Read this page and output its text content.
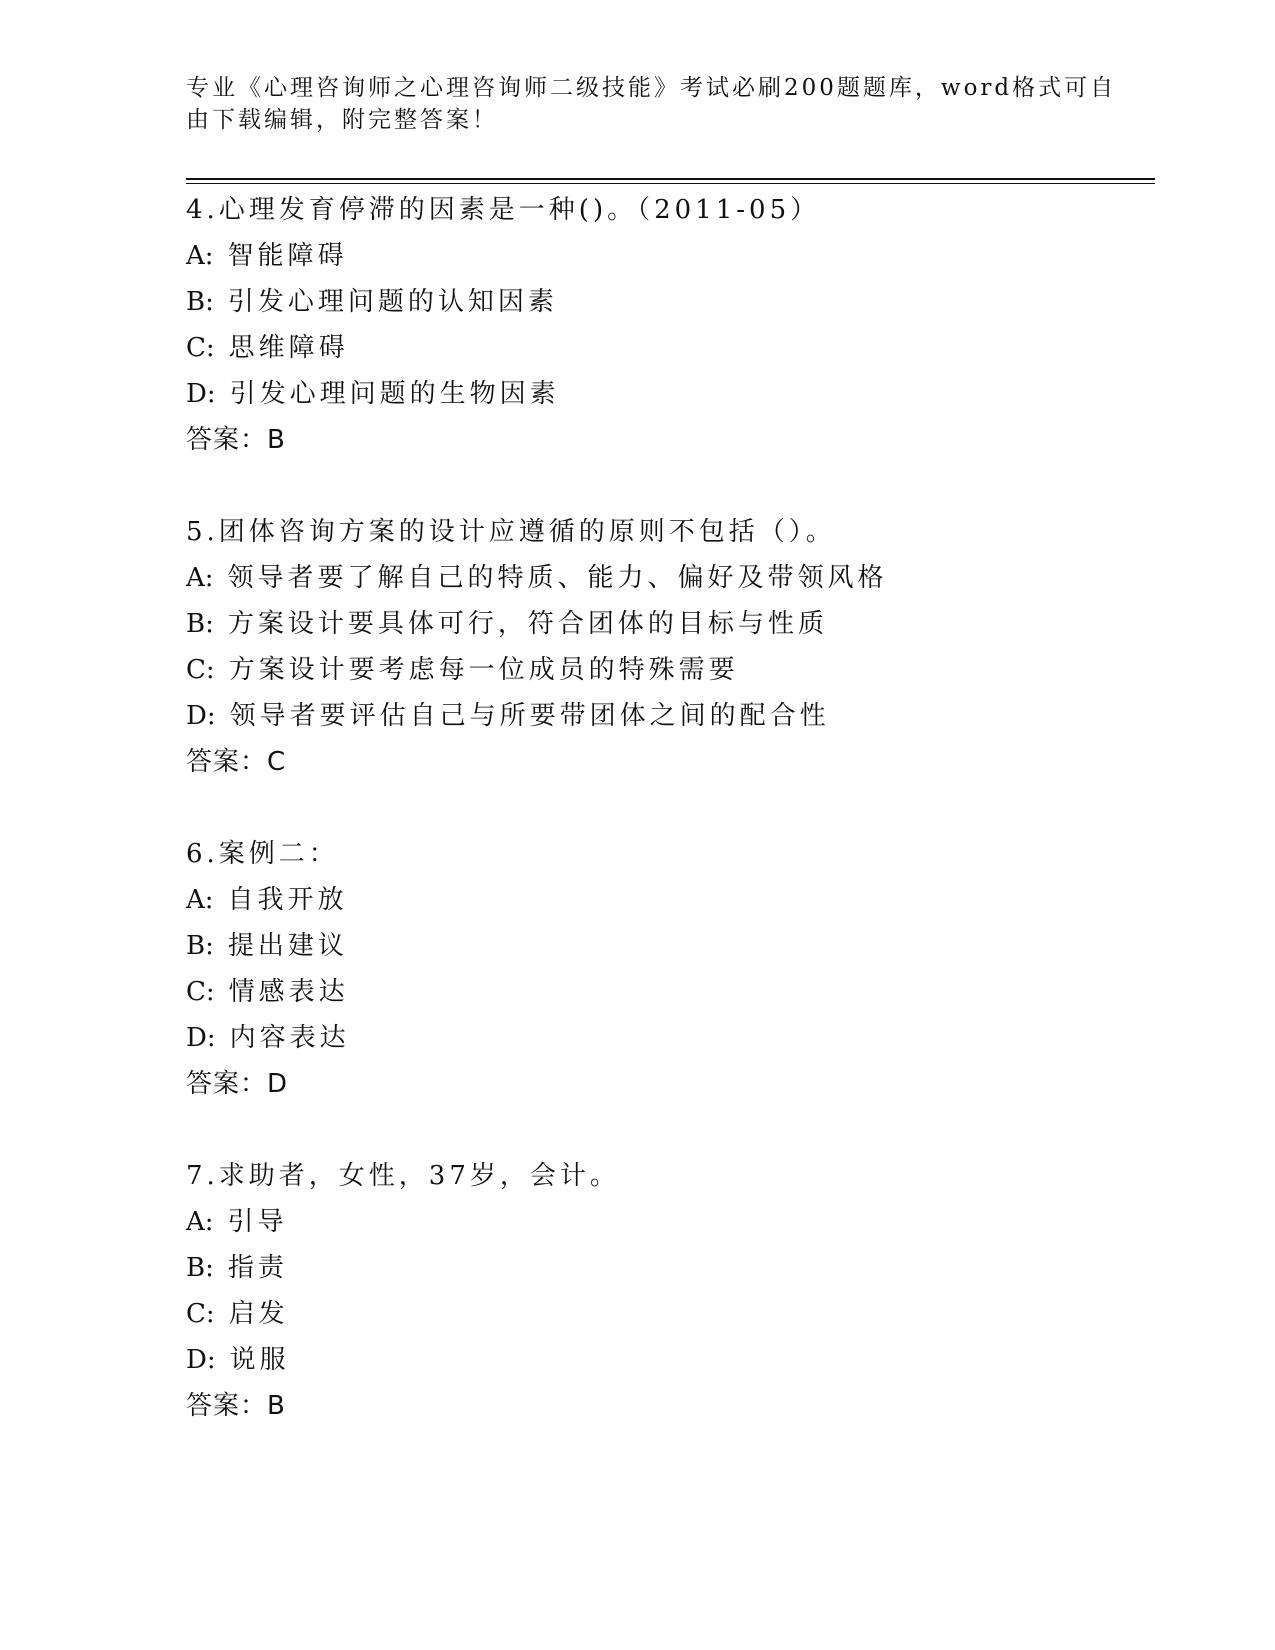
专业《心理咨询师之心理咨询师二级技能》考试必刷200题题库，word格式可自
由下载编辑，附完整答案！
4.心理发育停滞的因素是一种()。（2011-05）
A: 智能障碍
B: 引发心理问题的认知因素
C: 思维障碍
D: 引发心理问题的生物因素
答案：B
5.团体咨询方案的设计应遵循的原则不包括（）。
A: 领导者要了解自己的特质、能力、偏好及带领风格
B: 方案设计要具体可行，符合团体的目标与性质
C: 方案设计要考虑每一位成员的特殊需要
D: 领导者要评估自己与所要带团体之间的配合性
答案：C
6.案例二：
A: 自我开放
B: 提出建议
C: 情感表达
D: 内容表达
答案：D
7.求助者，女性，37岁，会计。
A: 引导
B: 指责
C: 启发
D: 说服
答案：B
